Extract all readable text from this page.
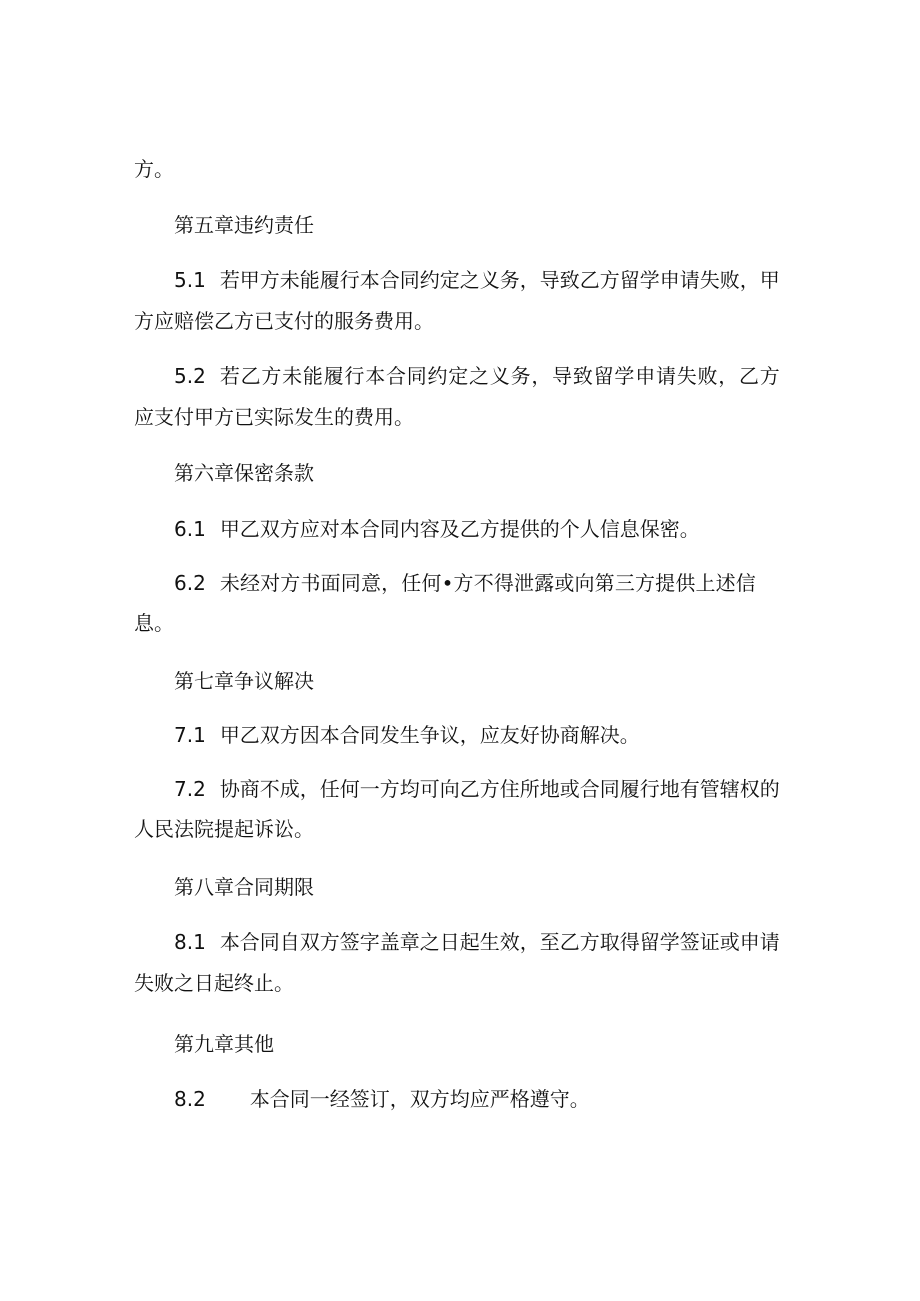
方。
第五章违约责任
5.1 若甲方未能履行本合同约定之义务，导致乙方留学申请失败，甲
方应赔偿乙方已支付的服务费用。
5.2 若乙方未能履行本合同约定之义务，导致留学申请失败，乙方
应支付甲方已实际发生的费用。
第六章保密条款
6.1 甲乙双方应对本合同内容及乙方提供的个人信息保密。
6.2 未经对方书面同意，任何•方不得泄露或向第三方提供上述信
息。
第七章争议解决
7.1 甲乙双方因本合同发生争议，应友好协商解决。
7.2 协商不成，任何一方均可向乙方住所地或合同履行地有管辖权的
人民法院提起诉讼。
第八章合同期限
8.1 本合同自双方签字盖章之日起生效，至乙方取得留学签证或申请
失败之日起终止。
第九章其他
8.2 本合同一经签订，双方均应严格遵守。
